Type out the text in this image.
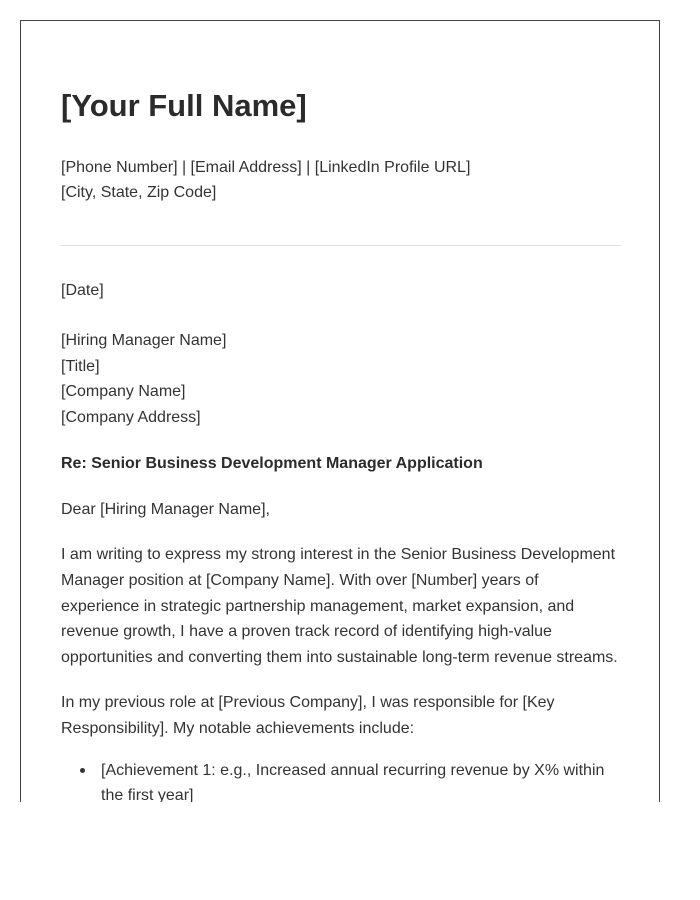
[Your Full Name]
[Phone Number] | [Email Address] | [LinkedIn Profile URL]
[City, State, Zip Code]
[Date]
[Hiring Manager Name]
[Title]
[Company Name]
[Company Address]
Re: Senior Business Development Manager Application
Dear [Hiring Manager Name],

I am writing to express my strong interest in the Senior Business Development Manager position at [Company Name]. With over [Number] years of experience in strategic partnership management, market expansion, and revenue growth, I have a proven track record of identifying high-value opportunities and converting them into sustainable long-term revenue streams.

In my previous role at [Previous Company], I was responsible for [Key Responsibility]. My notable achievements include:

[Achievement 1: e.g., Increased annual recurring revenue by X% within the first year]
